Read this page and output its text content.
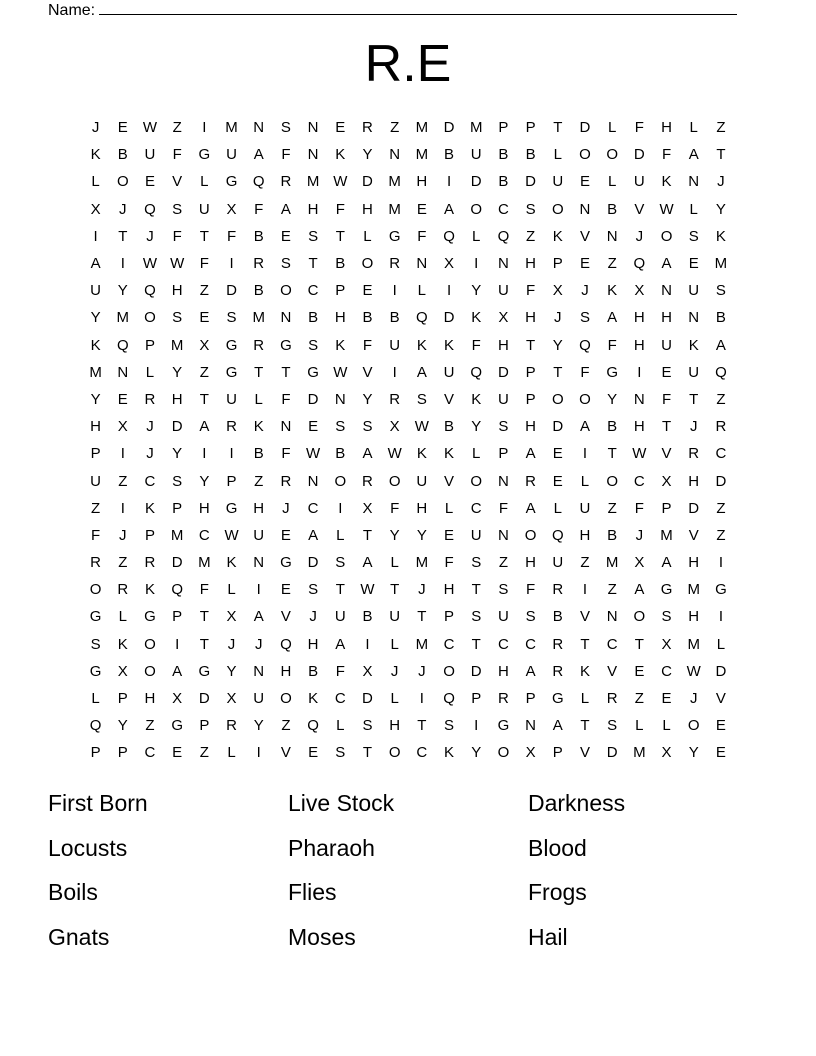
Name:
R.E
J	E	W	Z	I	M	N	S	N	E	R	Z	M	D	M	P	P	T	D	L	F	H	L	Z
K	B	U	F	G	U	A	F	N	K	Y	N	M	B	U	B	B	L	O	O	D	F	A	T
L	O	E	V	L	G	Q	R	M W D	M	H	I	D	B	D	U	E	L	U	K	N	J
X	J	Q	S	U	X	F	A	H	F	H	M	E	A	O	C	S	O	N	B	V	W	L	Y
I	T	J	F	T	F	B	E	S	T	L	G	F	Q	L	Q	Z	K	V	N	J	O	S	K
A	I	W W	F	I	R	S	T	B	O	R	N	X	I	N	H	P	E	Z	Q	A	E	M
U	Y	Q	H	Z	D	B	O	C	P	E	I	L	I	Y	U	F	X	J	K	X	N	U	S
Y	M	O	S	E	S	M	N	B	H	B	B	Q	D	K	X	H	J	S	A	H	H	N	B
K	Q	P	M	X	G	R	G	S	K	F	U	K	K	F	H	T	Y	Q	F	H	U	K	A
M	N	L	Y	Z	G	T	T	G W	V	I	A	U	Q	D	P	T	F	G	I	E	U	Q
Y	E	R	H	T	U	L	F	D	N	Y	R	S	V	K	U	P	O	O	Y	N	F	T	Z
H	X	J	D	A	R	K	N	E	S	S	X	W	B	Y	S	H	D	A	B	H	T	J	R
P	I	J	Y	I	I	B	F	W	B	A	W	K	K	L	P	A	E	I	T	W	V	R	C
U	Z	C	S	Y	P	Z	R	N	O	R	O	U	V	O	N	R	E	L	O	C	X	H	D
Z	I	K	P	H	G	H	J	C	I	X	F	H	L	C	F	A	L	U	Z	F	P	D	Z
F	J	P	M	C W U	E	A	L	T	Y	Y	E	U	N	O	Q	H	B	J	M	V	Z
R	Z	R	D	M	K	N	G	D	S	A	L	M	F	S	Z	H	U	Z	M	X	A	H	I
O	R	K	Q	F	L	I	E	S	T	W	T	J	H	T	S	F	R	I	Z	A	G	M	G
G	L	G	P	T	X	A	V	J	U	B	U	T	P	S	U	S	B	V	N	O	S	H	I
S	K	O	I	T	J	J	Q	H	A	I	L	M	C	T	C	C	R	T	C	T	X	M	L
G	X	O	A	G	Y	N	H	B	F	X	J	J	O	D	H	A	R	K	V	E	C W D
L	P	H	X	D	X	U	O	K	C	D	L	I	Q	P	R	P	G	L	R	Z	E	J	V
Q	Y	Z	G	P	R	Y	Z	Q	L	S	H	T	S	I	G	N	A	T	S	L	L	O	E
P	P	C	E	Z	L	I	V	E	S	T	O	C	K	Y	O	X	P	V	D	M	X	Y	E
First Born	Live Stock	Darkness
Locusts	Pharaoh	Blood
Boils	Flies	Frogs
Gnats	Moses	Hail
